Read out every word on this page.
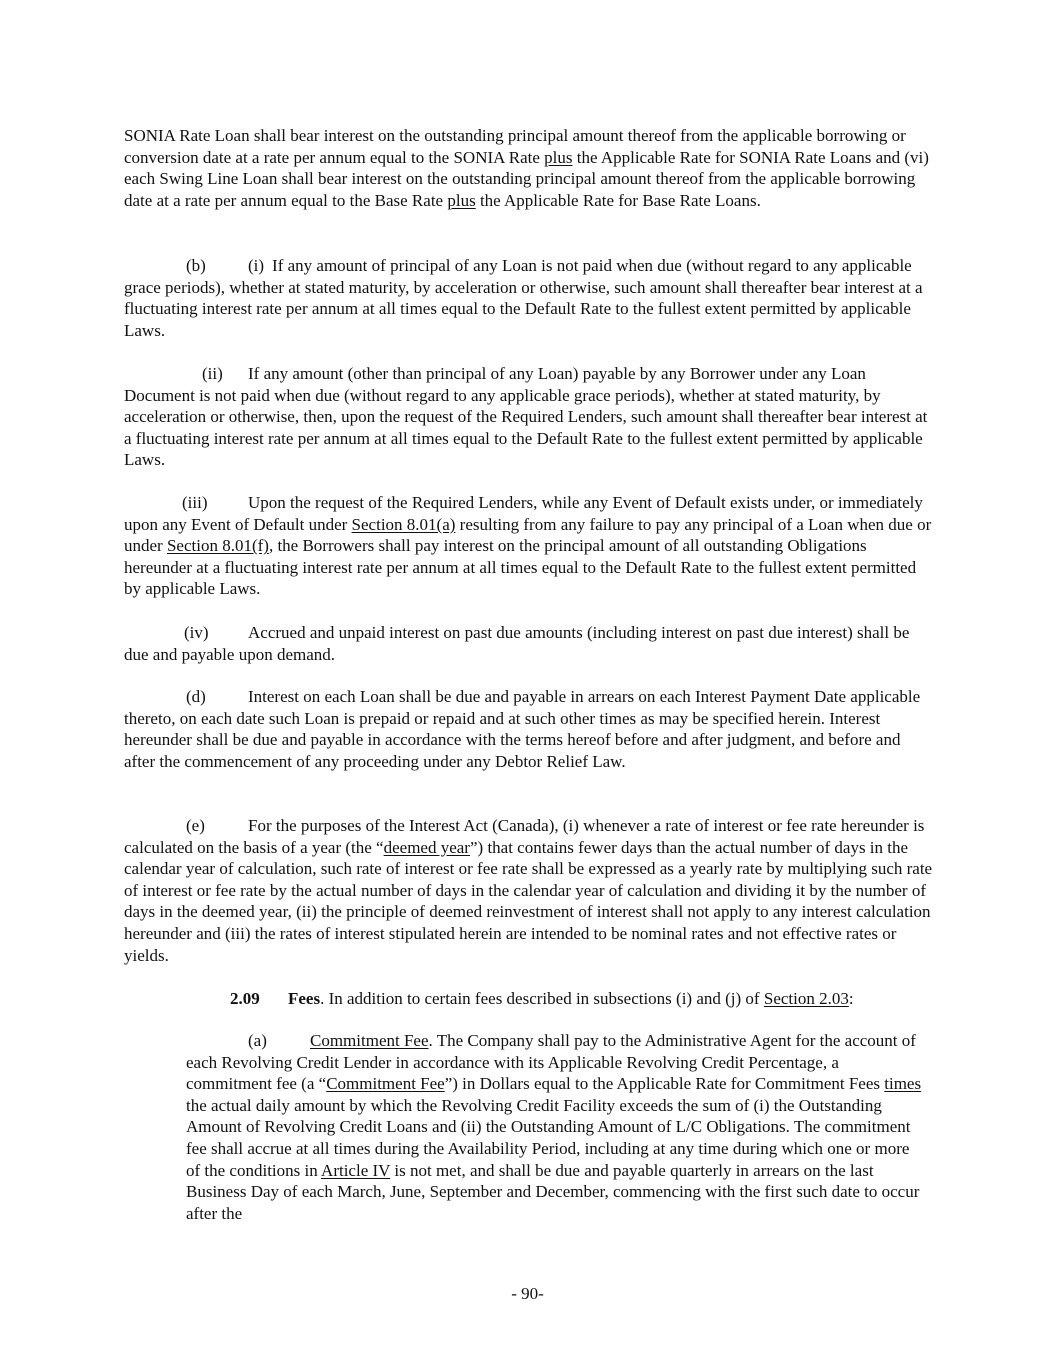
SONIA Rate Loan shall bear interest on the outstanding principal amount thereof from the applicable borrowing or conversion date at a rate per annum equal to the SONIA Rate plus the Applicable Rate for SONIA Rate Loans and (vi) each Swing Line Loan shall bear interest on the outstanding principal amount thereof from the applicable borrowing date at a rate per annum equal to the Base Rate plus the Applicable Rate for Base Rate Loans.

(b) (i) If any amount of principal of any Loan is not paid when due (without regard to any applicable grace periods), whether at stated maturity, by acceleration or otherwise, such amount shall thereafter bear interest at a fluctuating interest rate per annum at all times equal to the Default Rate to the fullest extent permitted by applicable Laws.

(ii) If any amount (other than principal of any Loan) payable by any Borrower under any Loan Document is not paid when due (without regard to any applicable grace periods), whether at stated maturity, by acceleration or otherwise, then, upon the request of the Required Lenders, such amount shall thereafter bear interest at a fluctuating interest rate per annum at all times equal to the Default Rate to the fullest extent permitted by applicable Laws.

(iii) Upon the request of the Required Lenders, while any Event of Default exists under, or immediately upon any Event of Default under Section 8.01(a) resulting from any failure to pay any principal of a Loan when due or under Section 8.01(f), the Borrowers shall pay interest on the principal amount of all outstanding Obligations hereunder at a fluctuating interest rate per annum at all times equal to the Default Rate to the fullest extent permitted by applicable Laws.

(iv) Accrued and unpaid interest on past due amounts (including interest on past due interest) shall be due and payable upon demand.

(d) Interest on each Loan shall be due and payable in arrears on each Interest Payment Date applicable thereto, on each date such Loan is prepaid or repaid and at such other times as may be specified herein. Interest hereunder shall be due and payable in accordance with the terms hereof before and after judgment, and before and after the commencement of any proceeding under any Debtor Relief Law.

(e)	For the purposes of the Interest Act (Canada), (i) whenever a rate of interest or fee rate hereunder is calculated on the basis of a year (the “deemed year”) that contains fewer days than the actual number of days in the calendar year of calculation, such rate of interest or fee rate shall be expressed as a yearly rate by multiplying such rate of interest or fee rate by the actual number of days in the calendar year of calculation and dividing it by the number of days in the deemed year, (ii) the principle of deemed reinvestment of interest shall not apply to any interest calculation hereunder and (iii) the rates of interest stipulated herein are intended to be nominal rates and not effective rates or yields.

2.09 Fees. In addition to certain fees described in subsections (i) and (j) of Section 2.03:

(a)	Commitment Fee. The Company shall pay to the Administrative Agent for the account of each Revolving Credit Lender in accordance with its Applicable Revolving Credit Percentage, a commitment fee (a “Commitment Fee”) in Dollars equal to the Applicable Rate for Commitment Fees times the actual daily amount by which the Revolving Credit Facility exceeds the sum of (i) the Outstanding Amount of Revolving Credit Loans and (ii) the Outstanding Amount of L/C Obligations. The commitment fee shall accrue at all times during the Availability Period, including at any time during which one or more of the conditions in Article IV is not met, and shall be due and payable quarterly in arrears on the last Business Day of each March, June, September and December, commencing with the first such date to occur after the

- 90-
